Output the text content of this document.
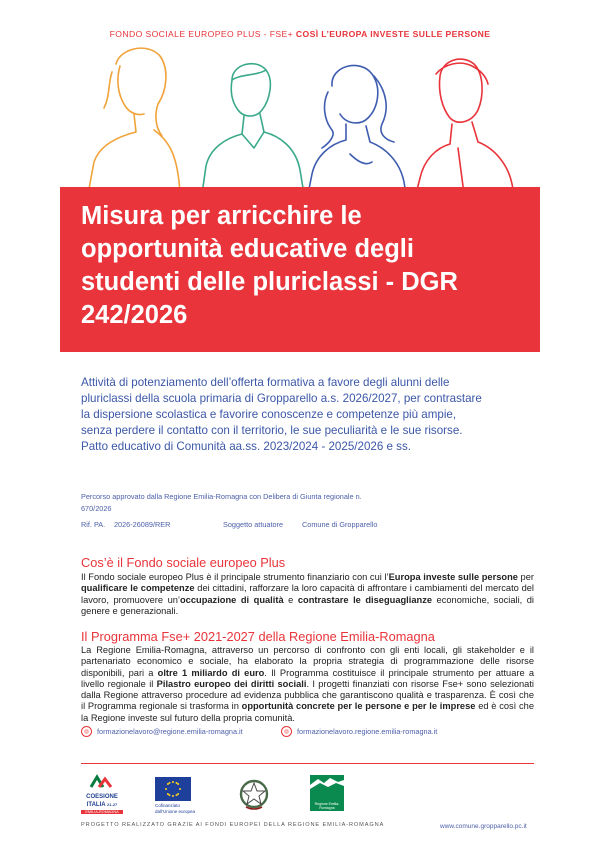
FONDO SOCIALE EUROPEO PLUS - FSE+ COSÌ L’EUROPA INVESTE SULLE PERSONE
Misura per arricchire le
opportunità educative degli
studenti delle pluriclassi - DGR
242/2026
Attività di potenziamento dell’offerta formativa a favore degli alunni delle
pluriclassi della scuola primaria di Gropparello a.s. 2026/2027, per contrastare
la dispersione scolastica e favorire conoscenze e competenze più ampie,
senza perdere il contatto con il territorio, le sue peculiarità e le sue risorse.
Patto educativo di Comunità aa.ss. 2023/2024 - 2025/2026 e ss.
Percorso approvato dalla Regione Emilia-Romagna con Delibera di Giunta regionale n.
670/2026
Rif. PA. 2026-26089/RER	Soggetto attuatore	Comune di Gropparello
Cos’è il Fondo sociale europeo Plus
Il Fondo sociale europeo Plus è il principale strumento finanziario con cui l’Europa investe sulle persone per qualificare le competenze dei cittadini, rafforzare la loro capacità di affrontare i cambiamenti del mercato del lavoro, promuovere un’occupazione di qualità e contrastare le diseguaglianze economiche, sociali, di genere e generazionali.
Il Programma Fse+ 2021-2027 della Regione Emilia-Romagna
La Regione Emilia-Romagna, attraverso un percorso di confronto con gli enti locali, gli stakeholder e il partenariato economico e sociale, ha elaborato la propria strategia di programmazione delle risorse disponibili, pari a oltre 1 miliardo di euro. Il Programma costituisce il principale strumento per attuare a livello regionale il Pilastro europeo dei diritti sociali. I progetti finanziati con risorse Fse+ sono selezionati dalla Regione attraverso procedure ad evidenza pubblica che garantiscono qualità e trasparenza. È così che il Programma regionale si trasforma in opportunità concrete per le persone e per le imprese ed è così che la Regione investe sul futuro della propria comunità.
formazionelavoro@regione.emilia-romagna.it	formazionelavoro.regione.emilia-romagna.it
COESIONE
ITALIA 21-27
EMILIA-ROMAGNA
Cofinanziato
dall’Unione europea
Regione Emilia-Romagna
PROGETTO REALIZZATO GRAZIE AI FONDI EUROPEI DELLA REGIONE EMILIA-ROMAGNA	www.comune.gropparello.pc.it
